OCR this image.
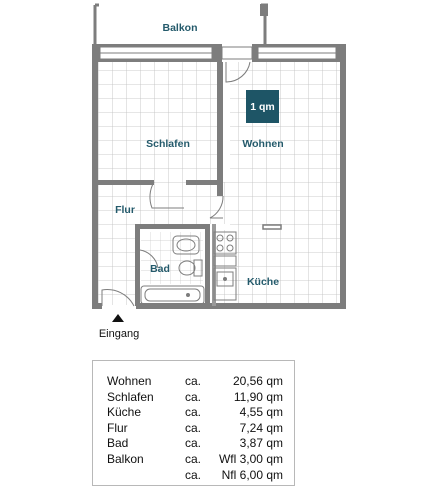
1 qm
Balkon
Schlafen	Wohnen
Flur
Bad
Küche
Eingang
Wohnen	ca.	20,56 qm
Schlafen	ca.	11,90 qm
Küche	ca.	4,55 qm
Flur	ca.	7,24 qm
Bad	ca.	3,87 qm
Balkon	ca.	Wfl 3,00 qm
	ca.	Nfl 6,00 qm
